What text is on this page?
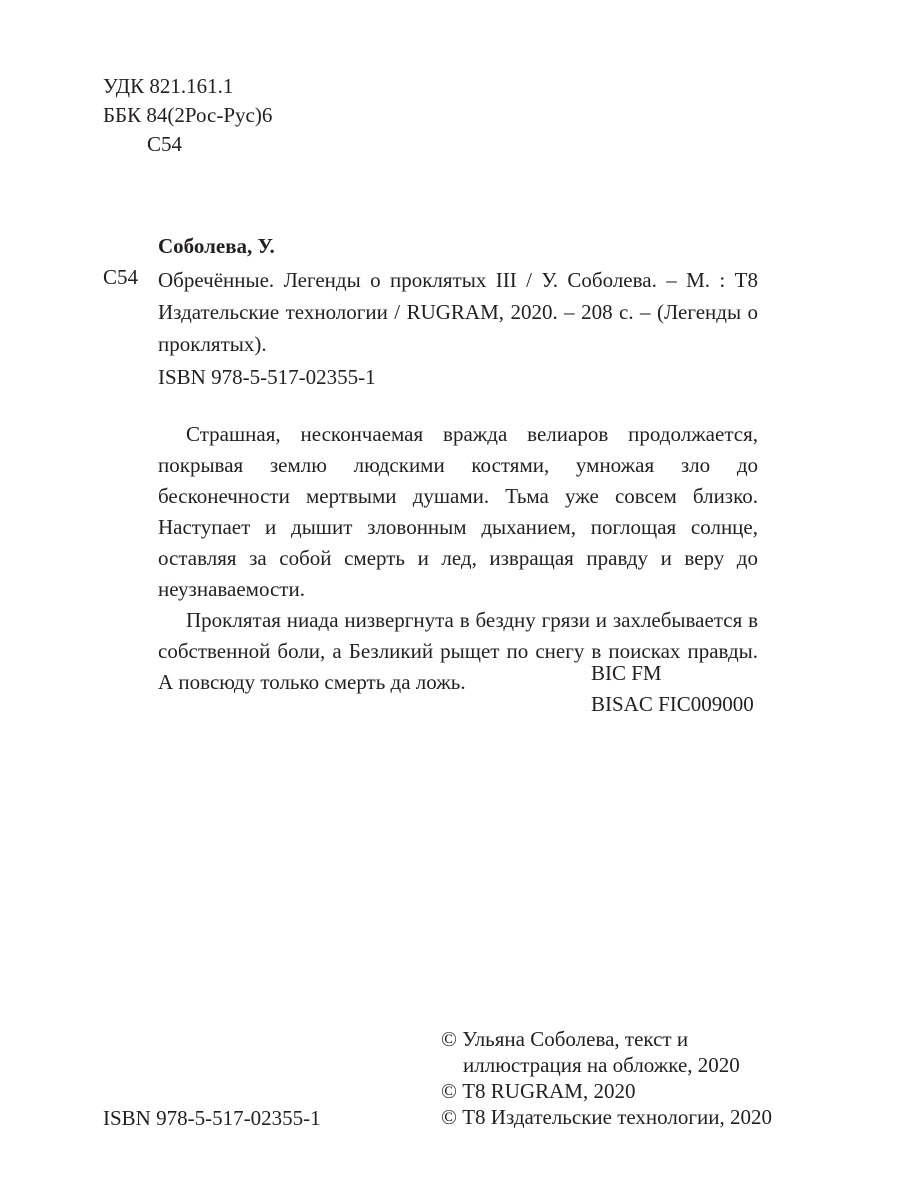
УДК 821.161.1
ББК 84(2Рос-Рус)6
С54
С54
Соболева, У.
Обречённые. Легенды о проклятых III / У. Соболева. – М. : Т8 Издательские технологии / RUGRAM, 2020. – 208 с. – (Легенды о проклятых).
ISBN 978-5-517-02355-1

Страшная, нескончаемая вражда велиаров продолжается, покрывая землю людскими костями, умножая зло до бесконечности мертвыми душами. Тьма уже совсем близко. Наступает и дышит зловонным дыханием, поглощая солнце, оставляя за собой смерть и лед, извращая правду и веру до неузнаваемости.

Проклятая ниада низвергнута в бездну грязи и захлебывается в собственной боли, а Безликий рыщет по снегу в поисках правды. А повсюду только смерть да ложь.	BIC FM
BISAC FIC009000
© Ульяна Соболева, текст и
иллюстрация на обложке, 2020
© Т8 RUGRAM, 2020
© Т8 Издательские технологии, 2020
ISBN 978-5-517-02355-1
